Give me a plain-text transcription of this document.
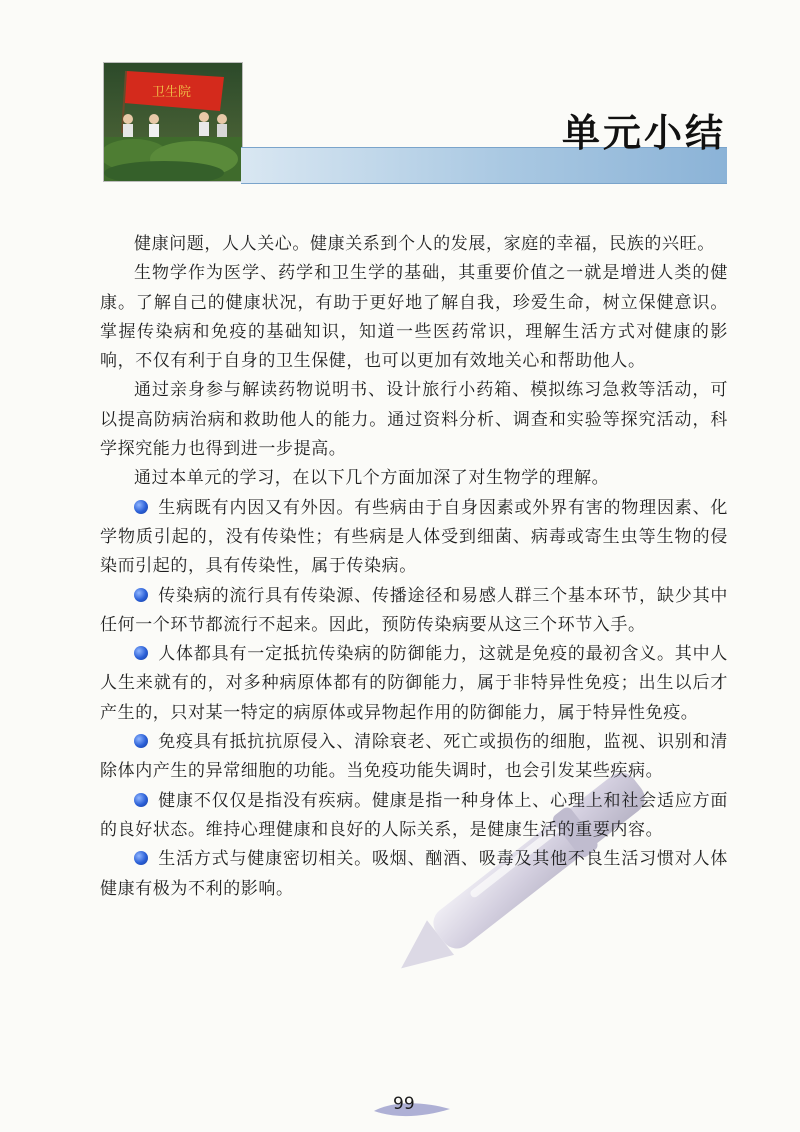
卫生院
单元小结

健康问题，人人关心。健康关系到个人的发展，家庭的幸福，民族的兴旺。

生物学作为医学、药学和卫生学的基础，其重要价值之一就是增进人类的健康。了解自己的健康状况，有助于更好地了解自我，珍爱生命，树立保健意识。掌握传染病和免疫的基础知识，知道一些医药常识，理解生活方式对健康的影响，不仅有利于自身的卫生保健，也可以更加有效地关心和帮助他人。

通过亲身参与解读药物说明书、设计旅行小药箱、模拟练习急救等活动，可以提高防病治病和救助他人的能力。通过资料分析、调查和实验等探究活动，科学探究能力也得到进一步提高。

通过本单元的学习，在以下几个方面加深了对生物学的理解。

生病既有内因又有外因。有些病由于自身因素或外界有害的物理因素、化学物质引起的，没有传染性；有些病是人体受到细菌、病毒或寄生虫等生物的侵染而引起的，具有传染性，属于传染病。

传染病的流行具有传染源、传播途径和易感人群三个基本环节，缺少其中任何一个环节都流行不起来。因此，预防传染病要从这三个环节入手。

人体都具有一定抵抗传染病的防御能力，这就是免疫的最初含义。其中人人生来就有的，对多种病原体都有的防御能力，属于非特异性免疫；出生以后才产生的，只对某一特定的病原体或异物起作用的防御能力，属于特异性免疫。

免疫具有抵抗抗原侵入、清除衰老、死亡或损伤的细胞，监视、识别和清除体内产生的异常细胞的功能。当免疫功能失调时，也会引发某些疾病。

健康不仅仅是指没有疾病。健康是指一种身体上、心理上和社会适应方面的良好状态。维持心理健康和良好的人际关系，是健康生活的重要内容。

生活方式与健康密切相关。吸烟、酗酒、吸毒及其他不良生活习惯对人体健康有极为不利的影响。

99
